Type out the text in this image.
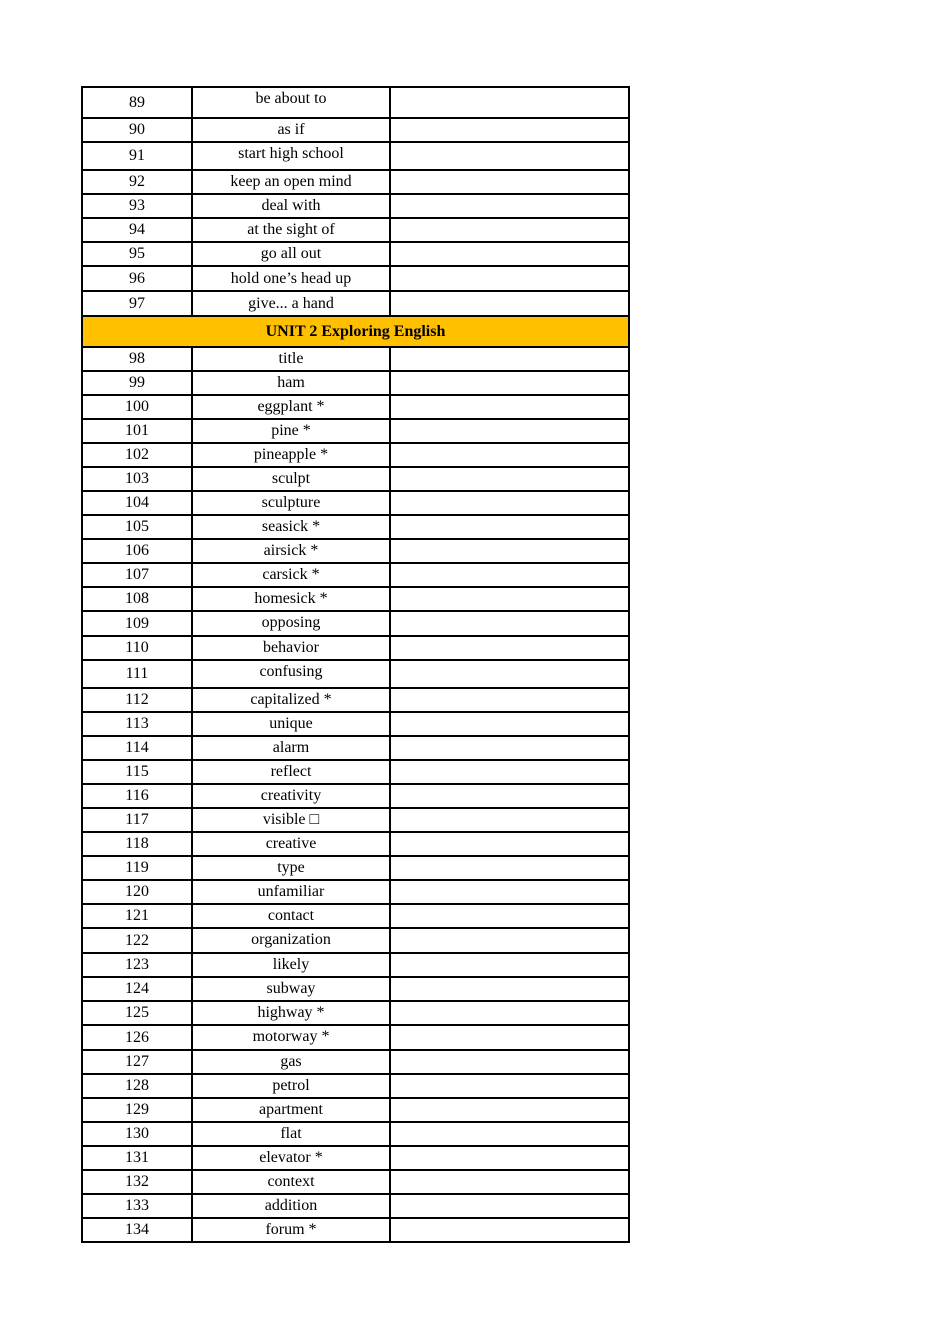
89	be about to	
90	as if	
91	start high school	
92	keep an open mind	
93	deal with	
94	at the sight of	
95	go all out	
96	hold one’s head up	
97	give... a hand	
UNIT 2 Exploring English		
98	title	
99	ham	
100	eggplant *	
101	pine *	
102	pineapple *	
103	sculpt	
104	sculpture	
105	seasick *	
106	airsick *	
107	carsick *	
108	homesick *	
109	opposing	
110	behavior	
111	confusing	
112	capitalized *	
113	unique	
114	alarm	
115	reflect	
116	creativity	
117	visible □	
118	creative	
119	type	
120	unfamiliar	
121	contact	
122	organization	
123	likely	
124	subway	
125	highway *	
126	motorway *	
127	gas	
128	petrol	
129	apartment	
130	flat	
131	elevator *	
132	context	
133	addition	
134	forum *	
